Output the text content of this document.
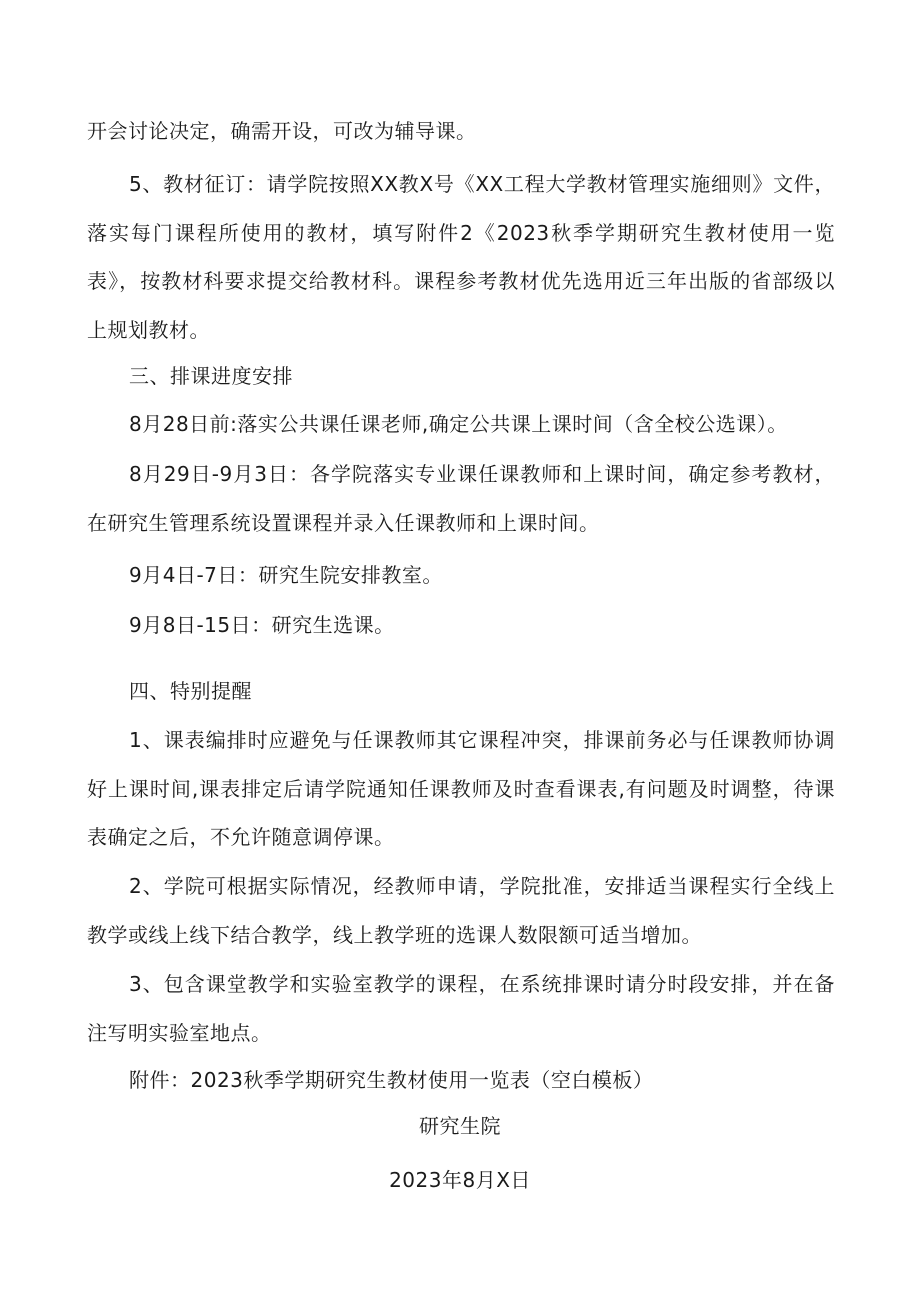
开会讨论决定，确需开设，可改为辅导课。
5、教材征订：请学院按照XX教X号《XX工程大学教材管理实施细则》文件，落实每门课程所使用的教材，填写附件2《2023秋季学期研究生教材使用一览表》，按教材科要求提交给教材科。课程参考教材优先选用近三年出版的省部级以上规划教材。
三、排课进度安排
8月28日前:落实公共课任课老师,确定公共课上课时间（含全校公选课）。
8月29日-9月3日：各学院落实专业课任课教师和上课时间，确定参考教材，在研究生管理系统设置课程并录入任课教师和上课时间。
9月4日-7日：研究生院安排教室。
9月8日-15日：研究生选课。
四、特别提醒
1、课表编排时应避免与任课教师其它课程冲突，排课前务必与任课教师协调好上课时间,课表排定后请学院通知任课教师及时查看课表,有问题及时调整，待课表确定之后，不允许随意调停课。
2、学院可根据实际情况，经教师申请，学院批准，安排适当课程实行全线上教学或线上线下结合教学，线上教学班的选课人数限额可适当增加。
3、包含课堂教学和实验室教学的课程，在系统排课时请分时段安排，并在备注写明实验室地点。
附件：2023秋季学期研究生教材使用一览表（空白模板）
研究生院
2023年8月X日
